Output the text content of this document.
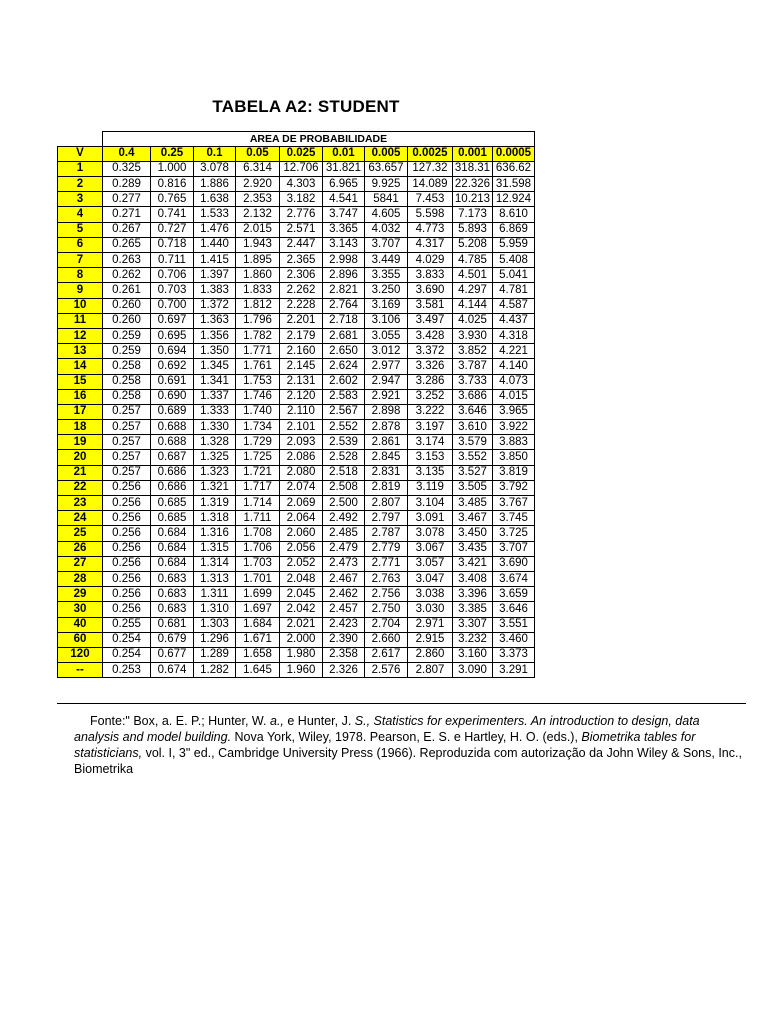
TABELA A2: STUDENT
	AREA DE PROBABILIDADE									
V	0.4	0.25	0.1	0.05	0.025	0.01	0.005	0.0025	0.001	0.0005
1	0.325	1.000	3.078	6.314	12.706	31.821	63.657	127.32	318.31	636.62
2	0.289	0.816	1.886	2.920	4.303	6.965	9.925	14.089	22.326	31.598
3	0.277	0.765	1.638	2.353	3.182	4.541	5841	7.453	10.213	12.924
4	0.271	0.741	1.533	2.132	2.776	3.747	4.605	5.598	7.173	8.610
5	0.267	0.727	1.476	2.015	2.571	3.365	4.032	4.773	5.893	6.869
6	0.265	0.718	1.440	1.943	2.447	3.143	3.707	4.317	5.208	5.959
7	0.263	0.711	1.415	1.895	2.365	2.998	3.449	4.029	4.785	5.408
8	0.262	0.706	1.397	1.860	2.306	2.896	3.355	3.833	4.501	5.041
9	0.261	0.703	1.383	1.833	2.262	2.821	3.250	3.690	4.297	4.781
10	0.260	0.700	1.372	1.812	2.228	2.764	3.169	3.581	4.144	4.587
11	0.260	0.697	1.363	1.796	2.201	2.718	3.106	3.497	4.025	4.437
12	0.259	0.695	1.356	1.782	2.179	2.681	3.055	3.428	3.930	4.318
13	0.259	0.694	1.350	1.771	2.160	2.650	3.012	3.372	3.852	4.221
14	0.258	0.692	1.345	1.761	2.145	2.624	2.977	3.326	3.787	4.140
15	0.258	0.691	1.341	1.753	2.131	2.602	2.947	3.286	3.733	4.073
16	0.258	0.690	1.337	1.746	2.120	2.583	2.921	3.252	3.686	4.015
17	0.257	0.689	1.333	1.740	2.110	2.567	2.898	3.222	3.646	3.965
18	0.257	0.688	1.330	1.734	2.101	2.552	2.878	3.197	3.610	3.922
19	0.257	0.688	1.328	1.729	2.093	2.539	2.861	3.174	3.579	3.883
20	0.257	0.687	1.325	1.725	2.086	2.528	2.845	3.153	3.552	3.850
21	0.257	0.686	1.323	1.721	2.080	2.518	2.831	3.135	3.527	3.819
22	0.256	0.686	1.321	1.717	2.074	2.508	2.819	3.119	3.505	3.792
23	0.256	0.685	1.319	1.714	2.069	2.500	2.807	3.104	3.485	3.767
24	0.256	0.685	1.318	1.711	2.064	2.492	2.797	3.091	3.467	3.745
25	0.256	0.684	1.316	1.708	2.060	2.485	2.787	3.078	3.450	3.725
26	0.256	0.684	1.315	1.706	2.056	2.479	2.779	3.067	3.435	3.707
27	0.256	0.684	1.314	1.703	2.052	2.473	2.771	3.057	3.421	3.690
28	0.256	0.683	1.313	1.701	2.048	2.467	2.763	3.047	3.408	3.674
29	0.256	0.683	1.311	1.699	2.045	2.462	2.756	3.038	3.396	3.659
30	0.256	0.683	1.310	1.697	2.042	2.457	2.750	3.030	3.385	3.646
40	0.255	0.681	1.303	1.684	2.021	2.423	2.704	2.971	3.307	3.551
60	0.254	0.679	1.296	1.671	2.000	2.390	2.660	2.915	3.232	3.460
120	0.254	0.677	1.289	1.658	1.980	2.358	2.617	2.860	3.160	3.373
--	0.253	0.674	1.282	1.645	1.960	2.326	2.576	2.807	3.090	3.291

Fonte:" Box, a. E. P.; Hunter, W. a., e Hunter, J. S., Statistics for experimenters. An introduction to design, data analysis and model building. Nova York, Wiley, 1978. Pearson, E. S. e Hartley, H. O. (eds.), Biometrika tables for statisticians, vol. I, 3" ed., Cambridge University Press (1966). Reproduzida com autorização da John Wiley & Sons, Inc., Biometrika
